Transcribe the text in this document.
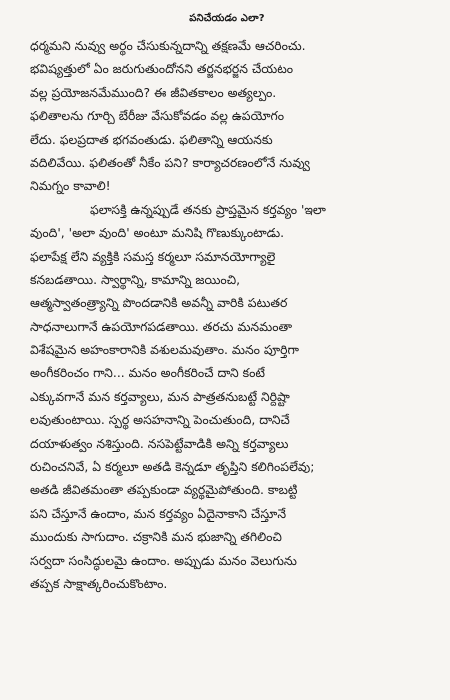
పనిచేయడం ఎలా?
ధర్మమని నువ్వు అర్థం చేసుకున్నదాన్ని తక్షణమే ఆచరించు.
భవిష్యత్తులో ఏం జరుగుతుందోనని తర్జనభర్జన చేయటం
వల్ల ప్రయోజనమేముంది? ఈ జీవితకాలం అత్యల్పం.
ఫలితాలను గూర్చి బేరీజు వేసుకోవడం వల్ల ఉపయోగం
లేదు. ఫలప్రదాత భగవంతుడు. ఫలితాన్ని ఆయనకు
వదిలివేయి. ఫలితంతో నీకేం పని? కార్యాచరణంలోనే నువ్వు
నిమగ్నం కావాలి!
ఫలాసక్తి ఉన్నప్పుడే తనకు ప్రాప్తమైన కర్తవ్యం 'ఇలా
వుంది', 'అలా వుంది' అంటూ మనిషి గొణుక్కుంటాడు.
ఫలాపేక్ష లేని వ్యక్తికి సమస్త కర్మలూ సమానయోగ్యాలై
కనబడతాయి. స్వార్థాన్ని, కామాన్ని జయించి,
ఆత్మస్వాతంత్ర్యాన్ని పొందడానికి అవన్నీ వారికి పటుతర
సాధనాలుగానే ఉపయోగపడతాయి. తరచు మనమంతా
విశేషమైన అహంకారానికి వశులమవుతాం. మనం పూర్తిగా
అంగీకరించం గాని... మనం అంగీకరించే దాని కంటే
ఎక్కువగానే మన కర్తవ్యాలు, మన పాత్రతనుబట్టే నిర్దిష్టా
లవుతుంటాయి. స్పర్థ అసహనాన్ని పెంచుతుంది, దానిచే
దయాళుత్వం నశిస్తుంది. నసపెట్టేవాడికి అన్ని కర్తవ్యాలు
రుచించనివే, ఏ కర్మలూ అతడి కెన్నడూ తృప్తిని కలిగింపలేవు;
అతడి జీవితమంతా తప్పకుండా వ్యర్థమైపోతుంది. కాబట్టి
పని చేస్తూనే ఉందాం, మన కర్తవ్యం ఏదైనాకాని చేస్తూనే
ముందుకు సాగుదాం. చక్రానికి మన భుజాన్ని తగిలించి
సర్వదా సంసిద్ధులమై ఉందాం. అప్పుడు మనం వెలుగును
తప్పక సాక్షాత్కరించుకొంటాం.
